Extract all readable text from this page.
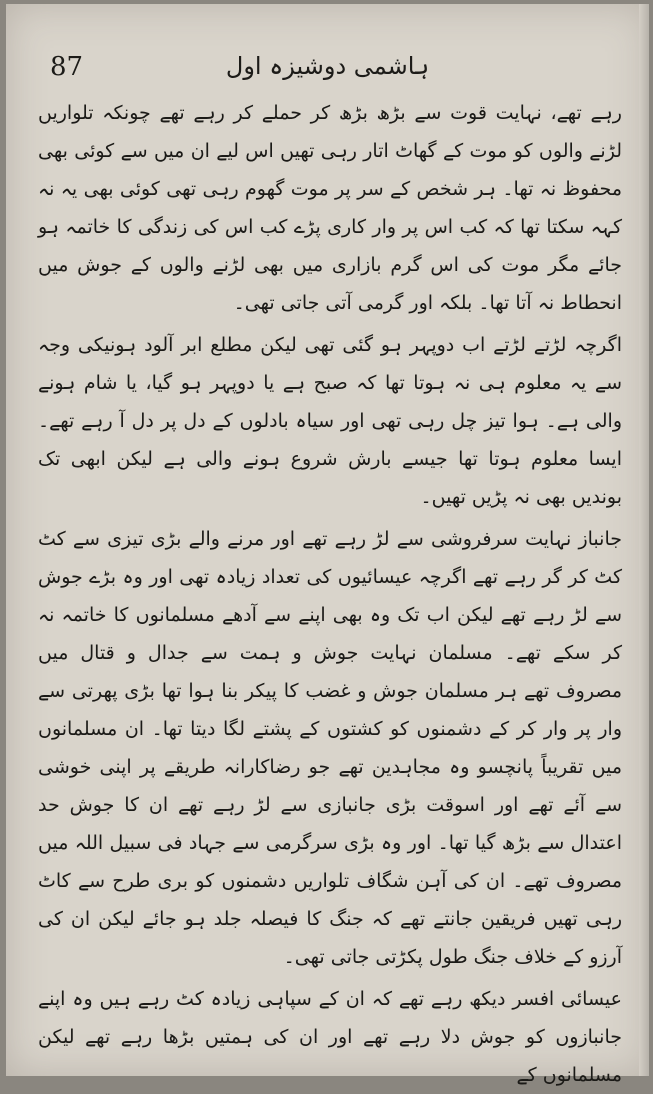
87	ہاشمی دوشیزہ اول

رہے تھے، نہایت قوت سے بڑھ بڑھ کر حملے کر رہے تھے چونکہ تلواریں لڑنے والوں کو موت کے گھاٹ اتار رہی تھیں اس لیے ان میں سے کوئی بھی محفوظ نہ تھا۔ ہر شخص کے سر پر موت گھوم رہی تھی کوئی بھی یہ نہ کہہ سکتا تھا کہ کب اس پر وار کاری پڑے کب اس کی زندگی کا خاتمہ ہو جائے مگر موت کی اس گرم بازاری میں بھی لڑنے والوں کے جوش میں انحطاط نہ آتا تھا۔ بلکہ اور گرمی آتی جاتی تھی۔

اگرچہ لڑتے لڑتے اب دوپہر ہو گئی تھی لیکن مطلع ابر آلود ہونیکی وجہ سے یہ معلوم ہی نہ ہوتا تھا کہ صبح ہے یا دوپہر ہو گیا، یا شام ہونے والی ہے۔ ہوا تیز چل رہی تھی اور سیاہ بادلوں کے دل پر دل آ رہے تھے۔ ایسا معلوم ہوتا تھا جیسے بارش شروع ہونے والی ہے لیکن ابھی تک بوندیں بھی نہ پڑیں تھیں۔

جانباز نہایت سرفروشی سے لڑ رہے تھے اور مرنے والے بڑی تیزی سے کٹ کٹ کر گر رہے تھے اگرچہ عیسائیوں کی تعداد زیادہ تھی اور وہ بڑے جوش سے لڑ رہے تھے لیکن اب تک وہ بھی اپنے سے آدھے مسلمانوں کا خاتمہ نہ کر سکے تھے۔ مسلمان نہایت جوش و ہمت سے جدال و قتال میں مصروف تھے ہر مسلمان جوش و غضب کا پیکر بنا ہوا تھا بڑی پھرتی سے وار پر وار کر کے دشمنوں کو کشتوں کے پشتے لگا دیتا تھا۔ ان مسلمانوں میں تقریباً پانچسو وہ مجاہدین تھے جو رضاکارانہ طریقے پر اپنی خوشی سے آئے تھے اور اسوقت بڑی جانبازی سے لڑ رہے تھے ان کا جوش حد اعتدال سے بڑھ گیا تھا۔ اور وہ بڑی سرگرمی سے جہاد فی سبیل اللہ میں مصروف تھے۔ ان کی آہن شگاف تلواریں دشمنوں کو بری طرح سے کاٹ رہی تھیں فریقین جانتے تھے کہ جنگ کا فیصلہ جلد ہو جائے لیکن ان کی آرزو کے خلاف جنگ طول پکڑتی جاتی تھی۔

عیسائی افسر دیکھ رہے تھے کہ ان کے سپاہی زیادہ کٹ رہے ہیں وہ اپنے جانبازوں کو جوش دلا رہے تھے اور ان کی ہمتیں بڑھا رہے تھے لیکن مسلمانوں کے
